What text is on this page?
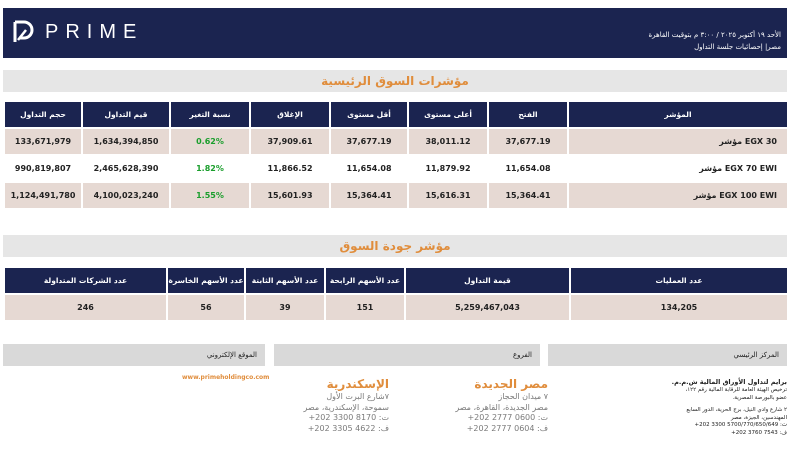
PRIME	الأحد ١٩ أكتوبر ٢٠٢٥ / ٣:٠٠ م بتوقيت القاهرة
مصر| إحصائيات جلسة التداول
مؤشرات السوق الرئيسية
حجم التداول	قيم التداول	نسبة التغير	الإغلاق	أقل مستوى	أعلى مستوى	الفتح	المؤشر
133,671,979	1,634,394,850	0.62%	37,909.61	37,677.19	38,011.12	37,677.19	EGX 30 مؤشر
990,819,807	2,465,628,390	1.82%	11,866.52	11,654.08	11,879.92	11,654.08	EGX 70 EWI مؤشر
1,124,491,780	4,100,023,240	1.55%	15,601.93	15,364.41	15,616.31	15,364.41	EGX 100 EWI مؤشر
مؤشر جودة السوق
عدد الشركات المتداولة	عدد الأسهم الخاسرة	عدد الأسهم الثابتة	عدد الأسهم الرابحة	قيمة التداول	عدد العمليات
246	56	39	151	5,259,467,043	134,205
المركز الرئيسي
الفروع
الموقع الإلكتروني
برايم لتداول الأوراق المالية ش.م.م.
ترخيص الهيئة العامة للرقابة المالية رقم ١٢٢،
عضو بالبورصة المصرية.
٢ شارع وادي النيل، برج الحرية، الدور السابع
المهندسين، الجيزة، مصر
+202 3300 5700/770/650/649 :ت
+202 3760 7543 :ف
مصر الجديدة
٧ ميدان الحجاز
مصر الجديدة، القاهرة، مصر
+202 2777 0600 :ت
+202 2777 0604 :ف
الإسكندرية
٧شارع البرت الأول
سموحة، الإسكندرية، مصر
+202 3300 8170 :ت
+202 3305 4622 :ف
www.primeholdingco.com
